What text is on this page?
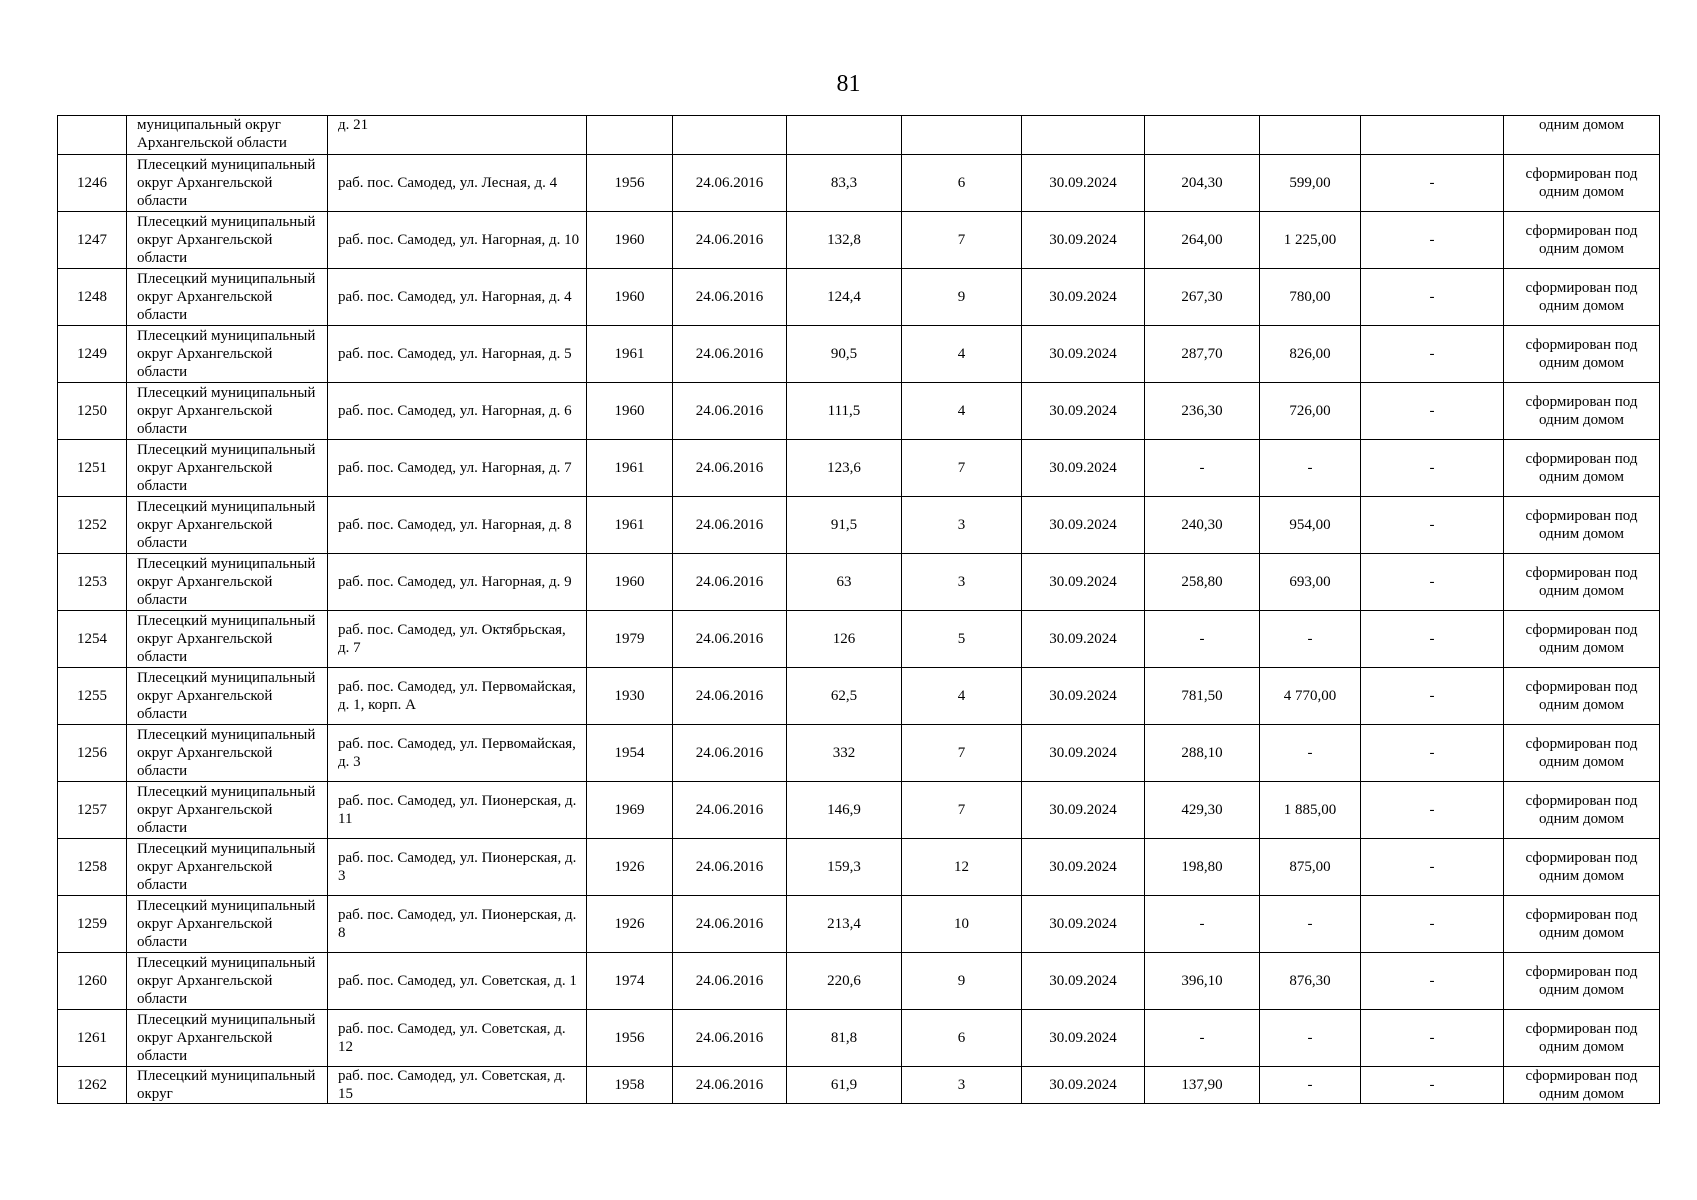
81
	муниципальный округ Архангельской области	д. 21									одним домом
1246	Плесецкий муниципальный округ Архангельской области	раб. пос. Самодед, ул. Лесная, д. 4	1956	24.06.2016	83,3	6	30.09.2024	204,30	599,00	-	сформирован под одним домом
1247	Плесецкий муниципальный округ Архангельской области	раб. пос. Самодед, ул. Нагорная, д. 10	1960	24.06.2016	132,8	7	30.09.2024	264,00	1 225,00	-	сформирован под одним домом
1248	Плесецкий муниципальный округ Архангельской области	раб. пос. Самодед, ул. Нагорная, д. 4	1960	24.06.2016	124,4	9	30.09.2024	267,30	780,00	-	сформирован под одним домом
1249	Плесецкий муниципальный округ Архангельской области	раб. пос. Самодед, ул. Нагорная, д. 5	1961	24.06.2016	90,5	4	30.09.2024	287,70	826,00	-	сформирован под одним домом
1250	Плесецкий муниципальный округ Архангельской области	раб. пос. Самодед, ул. Нагорная, д. 6	1960	24.06.2016	111,5	4	30.09.2024	236,30	726,00	-	сформирован под одним домом
1251	Плесецкий муниципальный округ Архангельской области	раб. пос. Самодед, ул. Нагорная, д. 7	1961	24.06.2016	123,6	7	30.09.2024	-	-	-	сформирован под одним домом
1252	Плесецкий муниципальный округ Архангельской области	раб. пос. Самодед, ул. Нагорная, д. 8	1961	24.06.2016	91,5	3	30.09.2024	240,30	954,00	-	сформирован под одним домом
1253	Плесецкий муниципальный округ Архангельской области	раб. пос. Самодед, ул. Нагорная, д. 9	1960	24.06.2016	63	3	30.09.2024	258,80	693,00	-	сформирован под одним домом
1254	Плесецкий муниципальный округ Архангельской области	раб. пос. Самодед, ул. Октябрьская, д. 7	1979	24.06.2016	126	5	30.09.2024	-	-	-	сформирован под одним домом
1255	Плесецкий муниципальный округ Архангельской области	раб. пос. Самодед, ул. Первомайская, д. 1, корп. А	1930	24.06.2016	62,5	4	30.09.2024	781,50	4 770,00	-	сформирован под одним домом
1256	Плесецкий муниципальный округ Архангельской области	раб. пос. Самодед, ул. Первомайская, д. 3	1954	24.06.2016	332	7	30.09.2024	288,10	-	-	сформирован под одним домом
1257	Плесецкий муниципальный округ Архангельской области	раб. пос. Самодед, ул. Пионерская, д. 11	1969	24.06.2016	146,9	7	30.09.2024	429,30	1 885,00	-	сформирован под одним домом
1258	Плесецкий муниципальный округ Архангельской области	раб. пос. Самодед, ул. Пионерская, д. 3	1926	24.06.2016	159,3	12	30.09.2024	198,80	875,00	-	сформирован под одним домом
1259	Плесецкий муниципальный округ Архангельской области	раб. пос. Самодед, ул. Пионерская, д. 8	1926	24.06.2016	213,4	10	30.09.2024	-	-	-	сформирован под одним домом
1260	Плесецкий муниципальный округ Архангельской области	раб. пос. Самодед, ул. Советская, д. 1	1974	24.06.2016	220,6	9	30.09.2024	396,10	876,30	-	сформирован под одним домом
1261	Плесецкий муниципальный округ Архангельской области	раб. пос. Самодед, ул. Советская, д. 12	1956	24.06.2016	81,8	6	30.09.2024	-	-	-	сформирован под одним домом
1262	Плесецкий муниципальный округ	раб. пос. Самодед, ул. Советская, д. 15	1958	24.06.2016	61,9	3	30.09.2024	137,90	-	-	сформирован под одним домом
